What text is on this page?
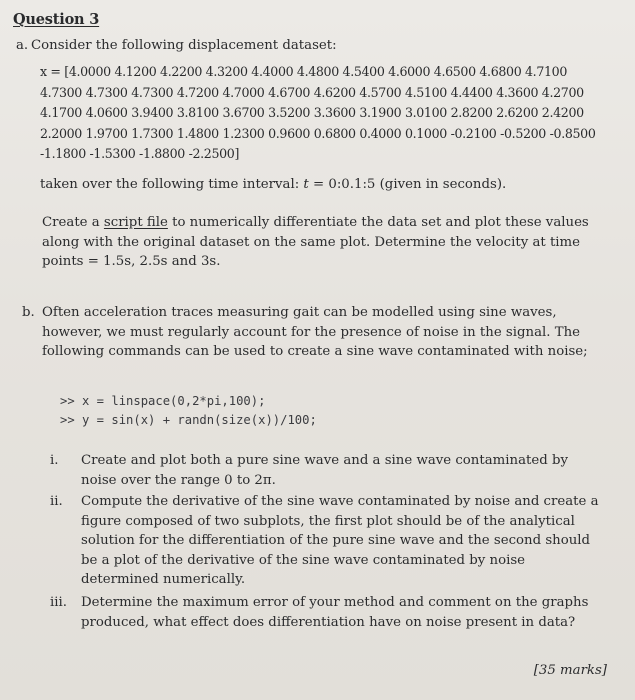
Question 3
a. Consider the following displacement dataset:
x = [4.0000 4.1200 4.2200 4.3200 4.4000 4.4800 4.5400 4.6000 4.6500 4.6800 4.7100
4.7300 4.7300 4.7300 4.7200 4.7000 4.6700 4.6200 4.5700 4.5100 4.4400 4.3600 4.2700
4.1700 4.0600 3.9400 3.8100 3.6700 3.5200 3.3600 3.1900 3.0100 2.8200 2.6200 2.4200
2.2000 1.9700 1.7300 1.4800 1.2300 0.9600 0.6800 0.4000 0.1000 -0.2100 -0.5200 -0.8500
-1.1800 -1.5300 -1.8800 -2.2500]
taken over the following time interval: t = 0:0.1:5 (given in seconds).
Create a script file to numerically differentiate the data set and plot these values
along with the original dataset on the same plot. Determine the velocity at time
points = 1.5s, 2.5s and 3s.
b. Often acceleration traces measuring gait can be modelled using sine waves,
however, we must regularly account for the presence of noise in the signal. The
following commands can be used to create a sine wave contaminated with noise;
>> x = linspace(0,2*pi,100);
>> y = sin(x) + randn(size(x))/100;
i. Create and plot both a pure sine wave and a sine wave contaminated by
noise over the range 0 to 2π.
ii. Compute the derivative of the sine wave contaminated by noise and create a
figure composed of two subplots, the first plot should be of the analytical
solution for the differentiation of the pure sine wave and the second should
be a plot of the derivative of the sine wave contaminated by noise
determined numerically.
iii. Determine the maximum error of your method and comment on the graphs
produced, what effect does differentiation have on noise present in data?
[35 marks]
